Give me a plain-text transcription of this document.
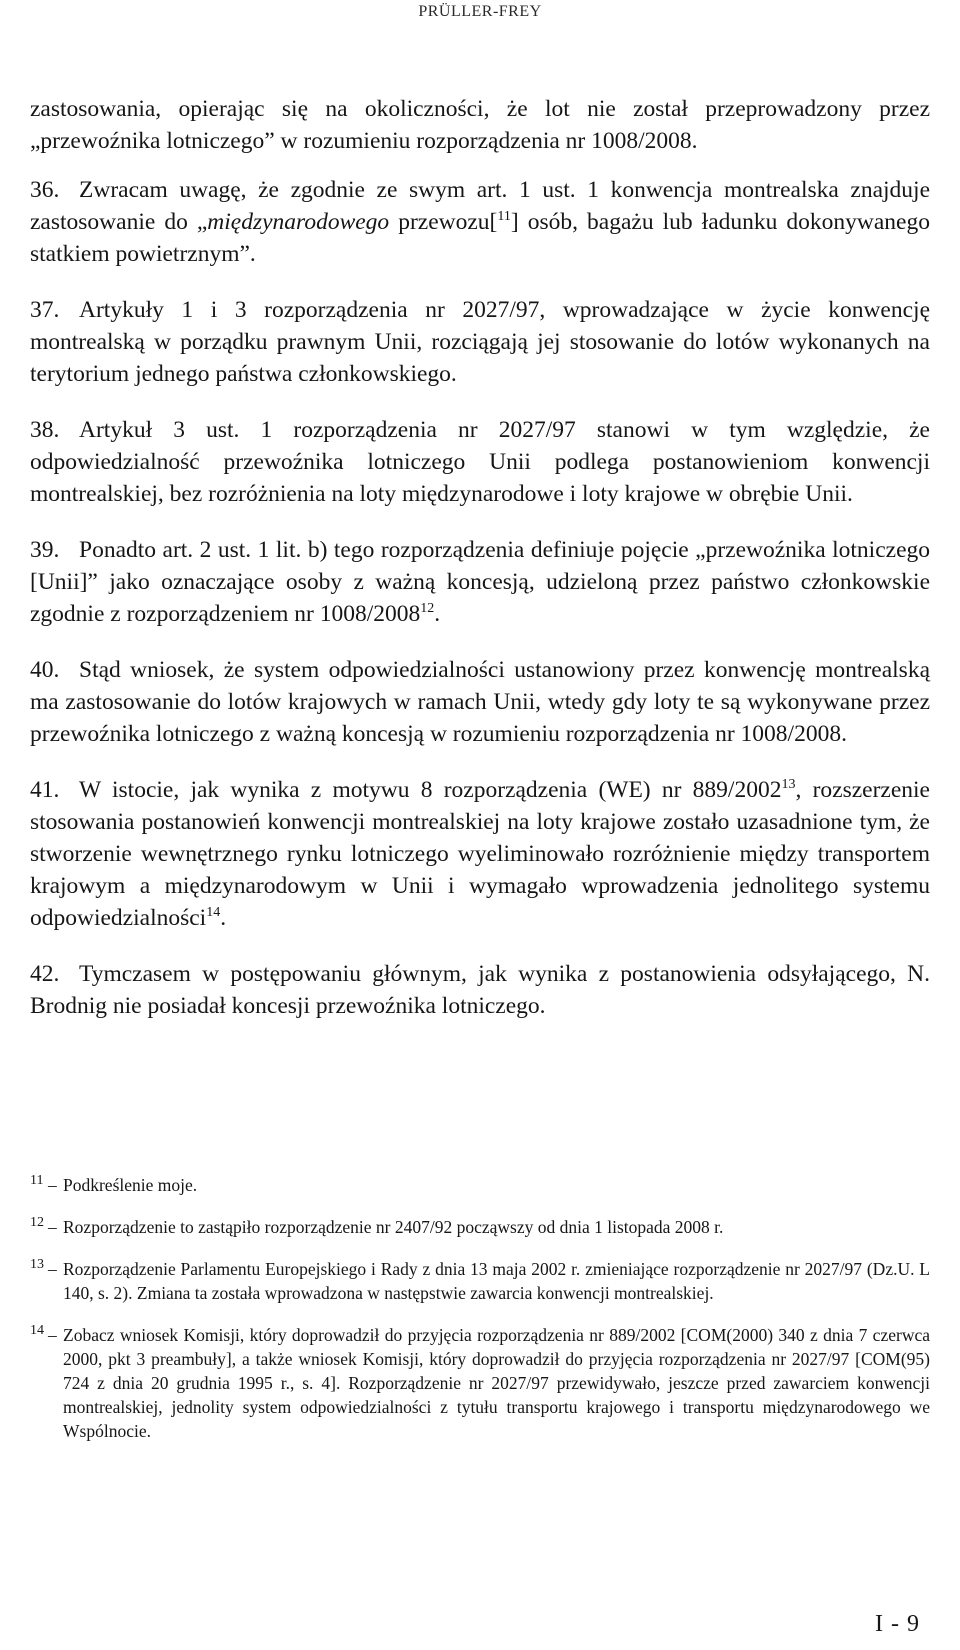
PRÜLLER-FREY

zastosowania, opierając się na okoliczności, że lot nie został przeprowadzony przez „przewoźnika lotniczego” w rozumieniu rozporządzenia nr 1008/2008.

36. Zwracam uwagę, że zgodnie ze swym art. 1 ust. 1 konwencja montrealska znajduje zastosowanie do „międzynarodowego przewozu[$^{11}$] osób, bagażu lub ładunku dokonywanego statkiem powietrznym”.

37. Artykuły 1 i 3 rozporządzenia nr 2027/97, wprowadzające w życie konwencję montrealską w porządku prawnym Unii, rozciągają jej stosowanie do lotów wykonanych na terytorium jednego państwa członkowskiego.

38. Artykuł 3 ust. 1 rozporządzenia nr 2027/97 stanowi w tym względzie, że odpowiedzialność przewoźnika lotniczego Unii podlega postanowieniom konwencji montrealskiej, bez rozróżnienia na loty międzynarodowe i loty krajowe w obrębie Unii.

39. Ponadto art. 2 ust. 1 lit. b) tego rozporządzenia definiuje pojęcie „przewoźnika lotniczego [Unii]” jako oznaczające osoby z ważną koncesją, udzieloną przez państwo członkowskie zgodnie z rozporządzeniem nr 1008/2008$^{12}$.

40. Stąd wniosek, że system odpowiedzialności ustanowiony przez konwencję montrealską ma zastosowanie do lotów krajowych w ramach Unii, wtedy gdy loty te są wykonywane przez przewoźnika lotniczego z ważną koncesją w rozumieniu rozporządzenia nr 1008/2008.

41. W istocie, jak wynika z motywu 8 rozporządzenia (WE) nr 889/2002$^{13}$, rozszerzenie stosowania postanowień konwencji montrealskiej na loty krajowe zostało uzasadnione tym, że stworzenie wewnętrznego rynku lotniczego wyeliminowało rozróżnienie między transportem krajowym a międzynarodowym w Unii i wymagało wprowadzenia jednolitego systemu odpowiedzialności$^{14}$.

42. Tymczasem w postępowaniu głównym, jak wynika z postanowienia odsyłającego, N. Brodnig nie posiadał koncesji przewoźnika lotniczego.

11 – Podkreślenie moje.
12 – Rozporządzenie to zastąpiło rozporządzenie nr 2407/92 począwszy od dnia 1 listopada 2008 r.
13 – Rozporządzenie Parlamentu Europejskiego i Rady z dnia 13 maja 2002 r. zmieniające rozporządzenie nr 2027/97 (Dz.U. L 140, s. 2). Zmiana ta została wprowadzona w następstwie zawarcia konwencji montrealskiej.
14 – Zobacz wniosek Komisji, który doprowadził do przyjęcia rozporządzenia nr 889/2002 [COM(2000) 340 z dnia 7 czerwca 2000, pkt 3 preambuły], a także wniosek Komisji, który doprowadził do przyjęcia rozporządzenia nr 2027/97 [COM(95) 724 z dnia 20 grudnia 1995 r., s. 4]. Rozporządzenie nr 2027/97 przewidywało, jeszcze przed zawarciem konwencji montrealskiej, jednolity system odpowiedzialności z tytułu transportu krajowego i transportu międzynarodowego we Wspólnocie.
I - 9
